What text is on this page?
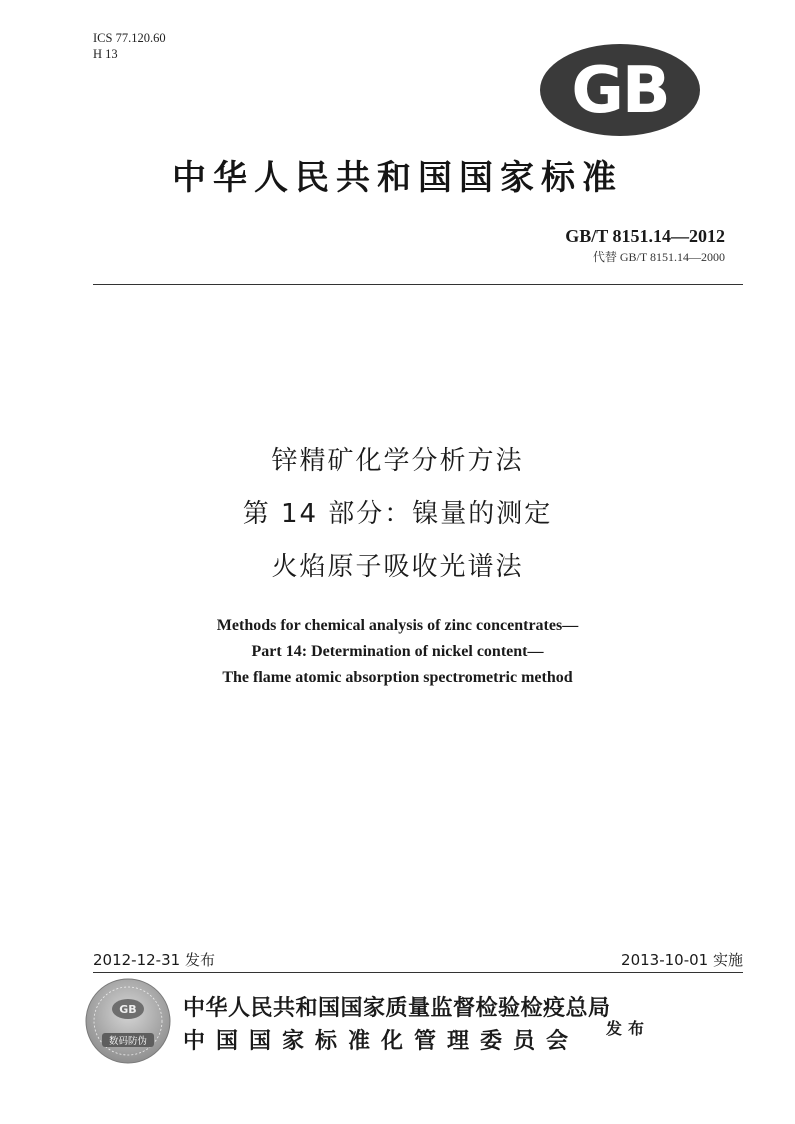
ICS 77.120.60
H 13	GB
中华人民共和国国家标准
GB/T 8151.14—2012
代替 GB/T 8151.14—2000
锌精矿化学分析方法
第 14 部分：镍量的测定
火焰原子吸收光谱法
Methods for chemical analysis of zinc concentrates—
Part 14: Determination of nickel content—
The flame atomic absorption spectrometric method
2012-12-31 发布	2013-10-01 实施
GB
数码防伪
中华人民共和国国家质量监督检验检疫总局
中国国家标准化管理委员会
发布
